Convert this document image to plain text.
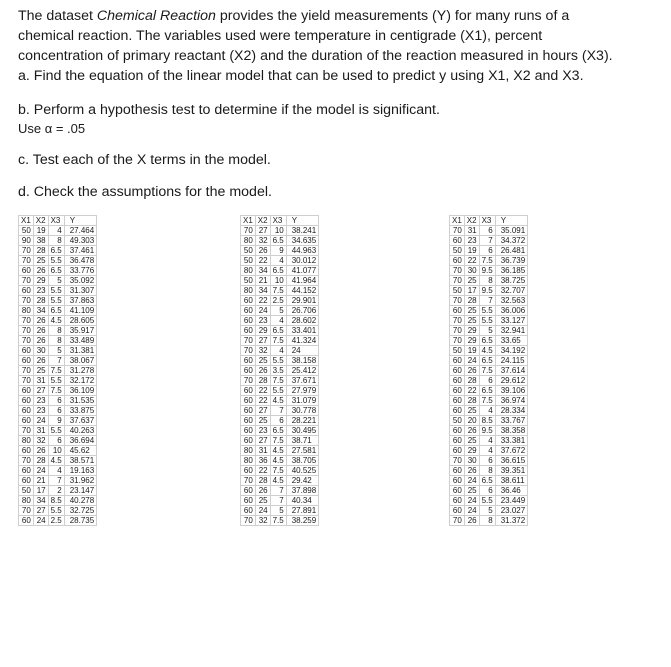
The dataset Chemical Reaction provides the yield measurements (Y) for many runs of a
chemical reaction. The variables used were temperature in centigrade (X1), percent
concentration of primary reactant (X2) and the duration of the reaction measured in hours (X3).
a. Find the equation of the linear model that can be used to predict y using X1, X2 and X3.
b. Perform a hypothesis test to determine if the model is significant.
Use α = .05
c. Test each of the X terms in the model.
d. Check the assumptions for the model.
X1	X2	X3	Y
50	19	4	27.464
90	38	8	49.303
70	28	6.5	37.461
70	25	5.5	36.478
60	26	6.5	33.776
70	29	5	35.092
60	23	5.5	31.307
70	28	5.5	37.863
80	34	6.5	41.109
70	26	4.5	28.605
70	26	8	35.917
70	26	8	33.489
60	30	5	31.381
60	26	7	38.067
70	25	7.5	31.278
70	31	5.5	32.172
60	27	7.5	36.109
60	23	6	31.535
60	23	6	33.875
60	24	9	37.637
70	31	5.5	40.263
80	32	6	36.694
60	26	10	45.62
70	28	4.5	38.571
60	24	4	19.163
60	21	7	31.962
50	17	2	23.147
80	34	8.5	40.278
70	27	5.5	32.725
60	24	2.5	28.735
X1	X2	X3	Y
70	27	10	38.241
80	32	6.5	34.635
50	26	9	44.963
50	22	4	30.012
80	34	6.5	41.077
50	21	10	41.964
80	34	7.5	44.152
60	22	2.5	29.901
60	24	5	26.706
60	23	4	28.602
60	29	6.5	33.401
70	27	7.5	41.324
70	32	4	24
60	25	5.5	38.158
60	26	3.5	25.412
70	28	7.5	37.671
60	22	5.5	27.979
60	22	4.5	31.079
60	27	7	30.778
60	25	6	28.221
60	23	6.5	30.495
60	27	7.5	38.71
80	31	4.5	27.581
80	36	4.5	38.705
60	22	7.5	40.525
70	28	4.5	29.42
60	26	7	37.898
60	25	7	40.34
60	24	5	27.891
70	32	7.5	38.259
X1	X2	X3	Y
70	31	6	35.091
60	23	7	34.372
50	19	6	26.481
60	22	7.5	36.739
70	30	9.5	36.185
70	25	8	38.725
50	17	9.5	32.707
70	28	7	32.563
60	25	5.5	36.006
70	25	5.5	33.127
70	29	5	32.941
70	29	6.5	33.65
50	19	4.5	34.192
60	24	6.5	24.115
60	26	7.5	37.614
60	28	6	29.612
60	22	6.5	39.106
60	28	7.5	36.974
60	25	4	28.334
50	20	8.5	33.767
60	26	9.5	38.358
60	25	4	33.381
60	29	4	37.672
70	30	6	36.615
60	26	8	39.351
60	24	6.5	38.611
60	25	6	36.46
60	24	5.5	23.449
60	24	5	23.027
70	26	8	31.372
